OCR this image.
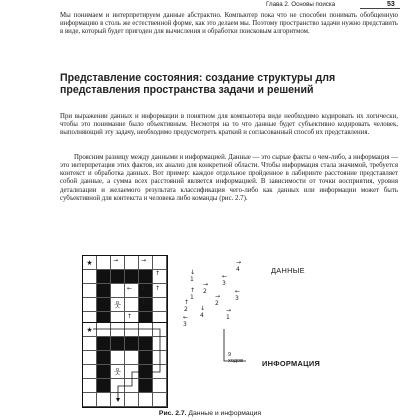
Глава 2. Основы поиска	53
Мы понимаем и интерпретируем данные абстрактно. Компьютер пока что не способен понимать обобщенную информацию в столь же естественной форме, как это делаем мы. Поэтому пространство задачи нужно представить в виде, который будет пригоден для вычисления и обработки поисковым алгоритмом.
Представление состояния: создание структуры для представления пространства задачи и решений
При выражении данных и информации в понятном для компьютера виде необходимо кодировать их логически, чтобы это понимание было объективным. Несмотря на то что данные будет субъективно кодировать человек, выполняющий эту задачу, необходимо предусмотреть краткий и согласованный способ их представления.
Проясним разницу между данными и информацией. Данные — это сырые факты о чем-либо, а информация — это интерпретация этих фактов, их анализ для конкретной области. Чтобы информация стала значимой, требуется контекст и обработка данных. Вот пример: каждое отдельное пройденное в лабиринте расстояние представляет собой данные, а сумма всех расстояний является информацией. В зависимости от точки восприятия, уровня детализации и желаемого результата классификация чего-либо как данных или информации может быть субъективной для контекста и человека либо команды (рис. 2.7).
★
웃
→	→
↑
↑
↓
←
↑
↑
↓ 1
→ 2
← 3
→ 4
↑ 1	→ 2
← 3
↓ 4
→ 1
↑ 2
← 3
ДАННЫЕ
★
웃
9 ходов	ИНФОРМАЦИЯ
Рис. 2.7. Данные и информация
